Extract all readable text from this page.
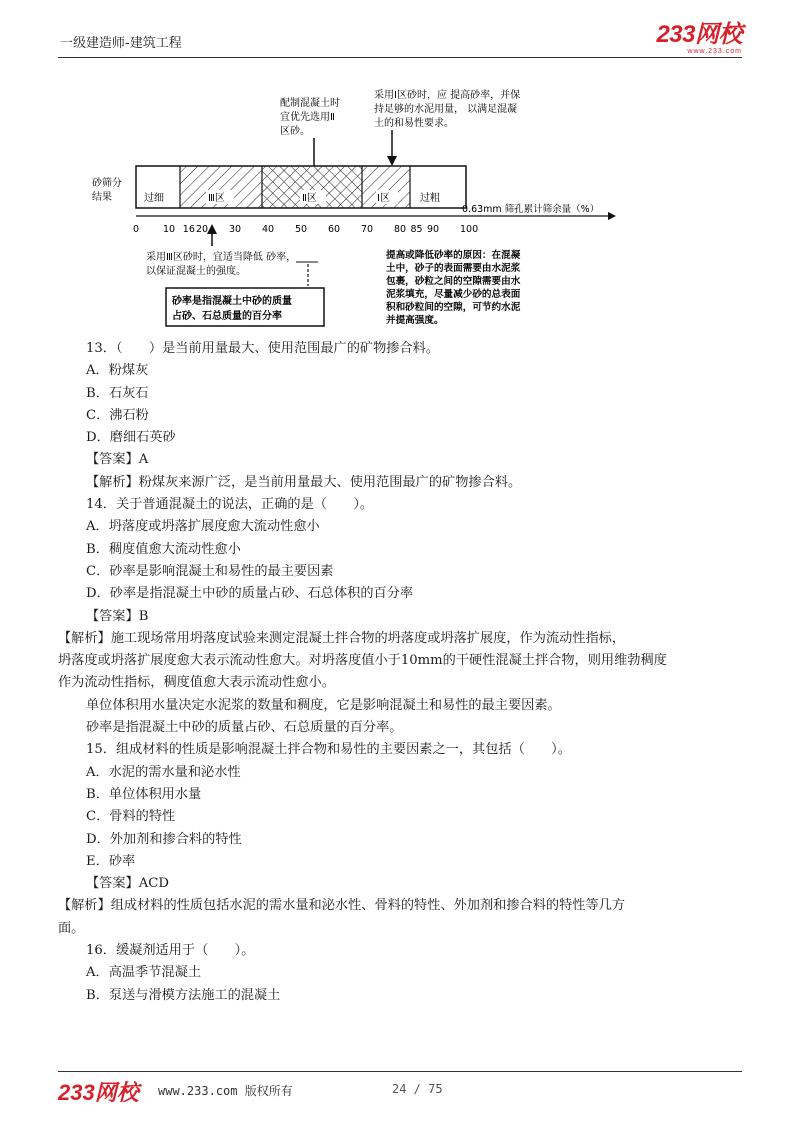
一级建造师-建筑工程	233网校
www.233.com
配制混凝土时
宜优先选用Ⅱ
区砂。
采用Ⅰ区砂时，应 提高砂率，并保
持足够的水泥用量， 以满足混凝
土的和易性要求。
砂筛分
结果	过细	Ⅲ区	Ⅱ区	Ⅰ区	过粗
0.63mm 筛孔累计筛余量（%）
0	10 16 20 30 40 50 60 70 80 85 90 100
采用Ⅲ区砂时，宜适当降低 砂率，
以保证混凝土的强度。
砂率是指混凝土中砂的质量
占砂、石总质量的百分率
提高或降低砂率的原因：在混凝
土中，砂子的表面需要由水泥浆
包裹，砂粒之间的空隙需要由水
泥浆填充，尽量减少砂的总表面
积和砂粒间的空隙，可节约水泥
并提高强度。

13．（　　）是当前用量最大、使用范围最广的矿物掺合料。

A．粉煤灰

B．石灰石

C．沸石粉

D．磨细石英砂

【答案】A

【解析】粉煤灰来源广泛，是当前用量最大、使用范围最广的矿物掺合料。

14．关于普通混凝土的说法，正确的是（　　）。

A．坍落度或坍落扩展度愈大流动性愈小

B．稠度值愈大流动性愈小

C．砂率是影响混凝土和易性的最主要因素

D．砂率是指混凝土中砂的质量占砂、石总体积的百分率

【答案】B

【解析】施工现场常用坍落度试验来测定混凝土拌合物的坍落度或坍落扩展度，作为流动性指标，

坍落度或坍落扩展度愈大表示流动性愈大。对坍落度值小于10mm的干硬性混凝土拌合物，则用维勃稠度

作为流动性指标，稠度值愈大表示流动性愈小。

单位体积用水量决定水泥浆的数量和稠度，它是影响混凝土和易性的最主要因素。

砂率是指混凝土中砂的质量占砂、石总质量的百分率。

15．组成材料的性质是影响混凝土拌合物和易性的主要因素之一，其包括（　　）。

A．水泥的需水量和泌水性

B．单位体积用水量

C．骨料的特性

D．外加剂和掺合料的特性

E．砂率

【答案】ACD

【解析】组成材料的性质包括水泥的需水量和泌水性、骨料的特性、外加剂和掺合料的特性等几方

面。

16．缓凝剂适用于（　　）。

A．高温季节混凝土

B．泵送与滑模方法施工的混凝土

233网校 www.233.com 版权所有	24 / 75
